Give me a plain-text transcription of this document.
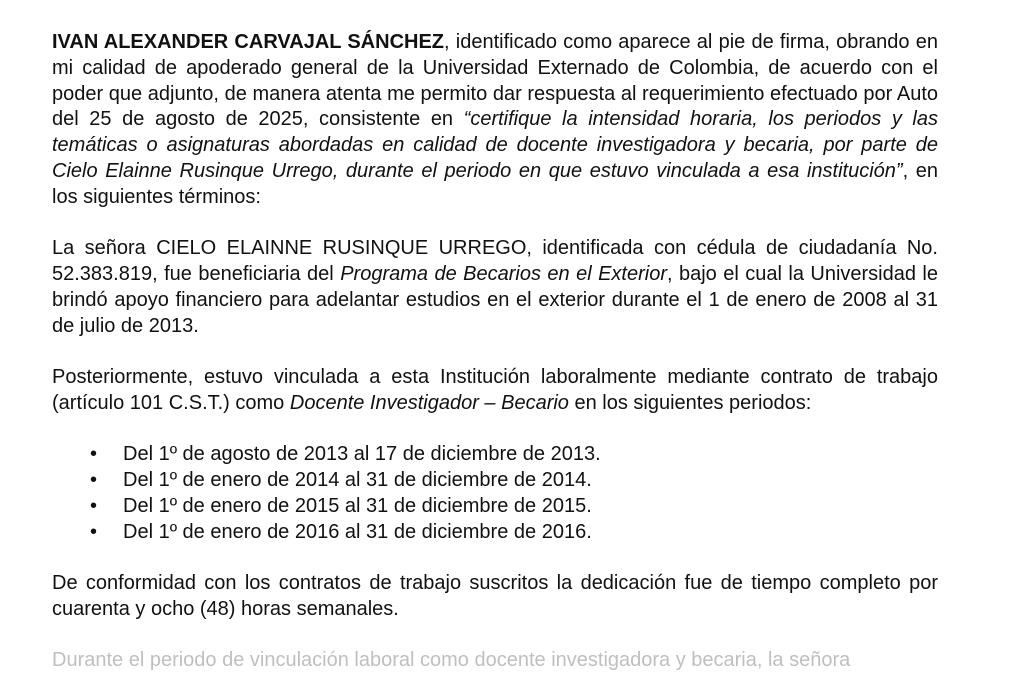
IVAN ALEXANDER CARVAJAL SÁNCHEZ, identificado como aparece al pie de firma, obrando en mi calidad de apoderado general de la Universidad Externado de Colombia, de acuerdo con el poder que adjunto, de manera atenta me permito dar respuesta al requerimiento efectuado por Auto del 25 de agosto de 2025, consistente en “certifique la intensidad horaria, los periodos y las temáticas o asignaturas abordadas en calidad de docente investigadora y becaria, por parte de Cielo Elainne Rusinque Urrego, durante el periodo en que estuvo vinculada a esa institución”, en los siguientes términos:

La señora CIELO ELAINNE RUSINQUE URREGO, identificada con cédula de ciudadanía No. 52.383.819, fue beneficiaria del Programa de Becarios en el Exterior, bajo el cual la Universidad le brindó apoyo financiero para adelantar estudios en el exterior durante el 1 de enero de 2008 al 31 de julio de 2013.

Posteriormente, estuvo vinculada a esta Institución laboralmente mediante contrato de trabajo (artículo 101 C.S.T.) como Docente Investigador – Becario en los siguientes periodos:

• Del 1º de agosto de 2013 al 17 de diciembre de 2013.
• Del 1º de enero de 2014 al 31 de diciembre de 2014.
• Del 1º de enero de 2015 al 31 de diciembre de 2015.
• Del 1º de enero de 2016 al 31 de diciembre de 2016.

De conformidad con los contratos de trabajo suscritos la dedicación fue de tiempo completo por cuarenta y ocho (48) horas semanales.

Durante el periodo de vinculación laboral como docente investigadora y becaria, la señora
